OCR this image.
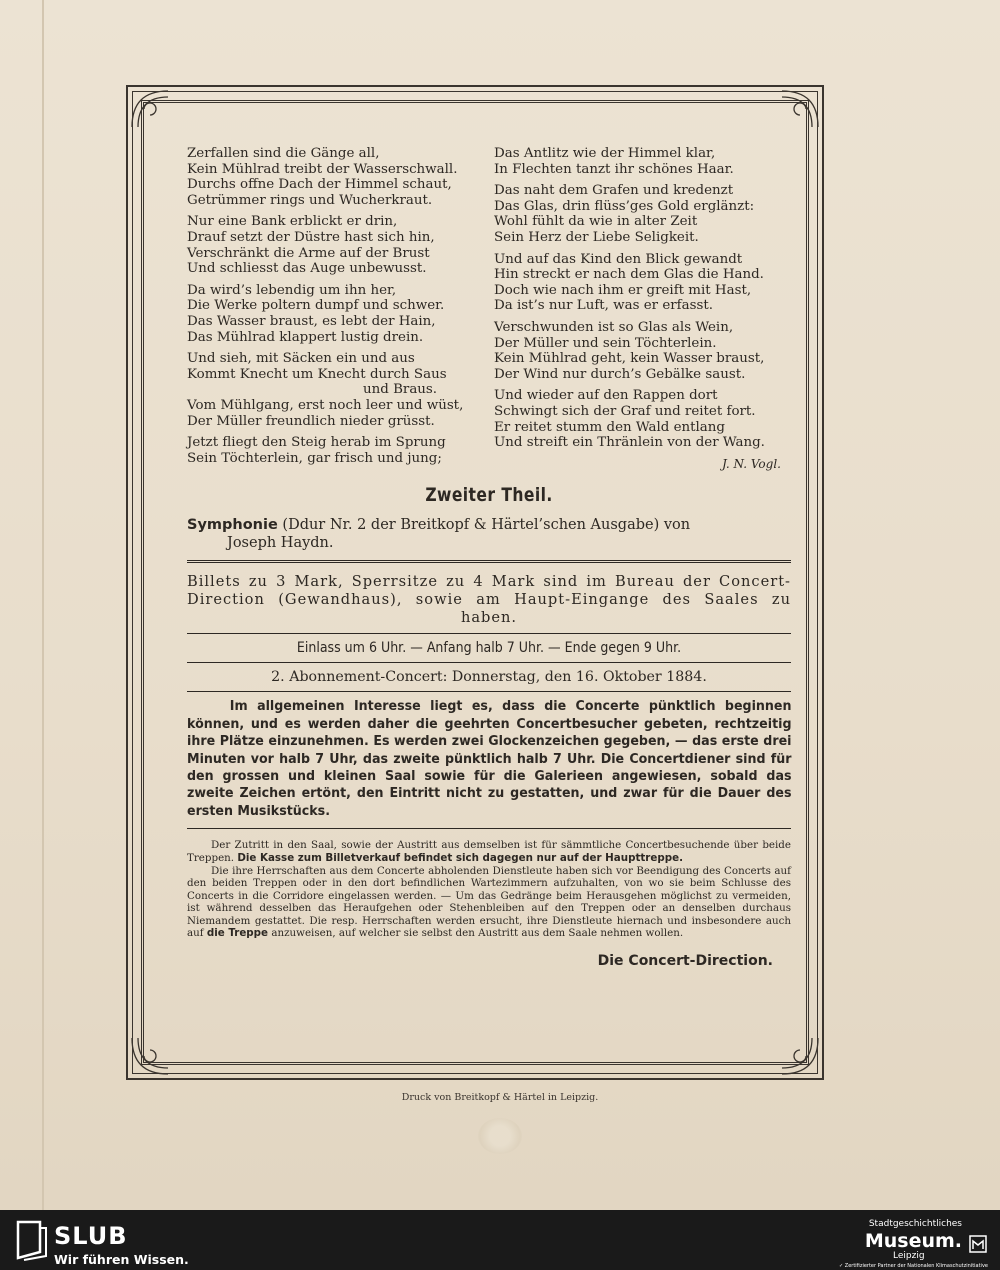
Zerfallen sind die Gänge all,
Kein Mühlrad treibt der Wasserschwall.
Durchs offne Dach der Himmel schaut,
Getrümmer rings und Wucherkraut.
Nur eine Bank erblickt er drin,
Drauf setzt der Düstre hast sich hin,
Verschränkt die Arme auf der Brust
Und schliesst das Auge unbewusst.
Da wird’s lebendig um ihn her,
Die Werke poltern dumpf und schwer.
Das Wasser braust, es lebt der Hain,
Das Mühlrad klappert lustig drein.
Und sieh, mit Säcken ein und aus
Kommt Knecht um Knecht durch Saus
und Braus.
Vom Mühlgang, erst noch leer und wüst,
Der Müller freundlich nieder grüsst.
Jetzt fliegt den Steig herab im Sprung
Sein Töchterlein, gar frisch und jung;
Das Antlitz wie der Himmel klar,
In Flechten tanzt ihr schönes Haar.
Das naht dem Grafen und kredenzt
Das Glas, drin flüss’ges Gold erglänzt:
Wohl fühlt da wie in alter Zeit
Sein Herz der Liebe Seligkeit.
Und auf das Kind den Blick gewandt
Hin streckt er nach dem Glas die Hand.
Doch wie nach ihm er greift mit Hast,
Da ist’s nur Luft, was er erfasst.
Verschwunden ist so Glas als Wein,
Der Müller und sein Töchterlein.
Kein Mühlrad geht, kein Wasser braust,
Der Wind nur durch’s Gebälke saust.
Und wieder auf den Rappen dort
Schwingt sich der Graf und reitet fort.
Er reitet stumm den Wald entlang
Und streift ein Thränlein von der Wang.
J. N. Vogl.
Zweiter Theil.
Symphonie (Ddur Nr. 2 der Breitkopf & Härtel’schen Ausgabe) von
Joseph Haydn.
Billets zu 3 Mark, Sperrsitze zu 4 Mark sind im Bureau der Concert-Direction (Gewandhaus), sowie am Haupt-Eingange des Saales zu haben.
Einlass um 6 Uhr. — Anfang halb 7 Uhr. — Ende gegen 9 Uhr.
2. Abonnement-Concert: Donnerstag, den 16. Oktober 1884.

Im allgemeinen Interesse liegt es, dass die Concerte pünktlich beginnen können, und es werden daher die geehrten Concertbesucher gebeten, rechtzeitig ihre Plätze einzunehmen. Es werden zwei Glockenzeichen gegeben, — das erste drei Minuten vor halb 7 Uhr, das zweite pünktlich halb 7 Uhr. Die Concertdiener sind für den grossen und kleinen Saal sowie für die Galerieen angewiesen, sobald das zweite Zeichen ertönt, den Eintritt nicht zu gestatten, und zwar für die Dauer des ersten Musikstücks.

Der Zutritt in den Saal, sowie der Austritt aus demselben ist für sämmtliche Concertbesuchende über beide Treppen. Die Kasse zum Billetverkauf befindet sich dagegen nur auf der Haupttreppe.

Die ihre Herrschaften aus dem Concerte abholenden Dienstleute haben sich vor Beendigung des Concerts auf den beiden Treppen oder in den dort befindlichen Wartezimmern aufzuhalten, von wo sie beim Schlusse des Concerts in die Corridore eingelassen werden. — Um das Gedränge beim Herausgehen möglichst zu vermeiden, ist während desselben das Heraufgehen oder Stehenbleiben auf den Treppen oder an denselben durchaus Niemandem gestattet. Die resp. Herrschaften werden ersucht, ihre Dienstleute hiernach und insbesondere auch auf die Treppe anzuweisen, auf welcher sie selbst den Austritt aus dem Saale nehmen wollen.

Die Concert-Direction.
Druck von Breitkopf & Härtel in Leipzig.
SLUB
Wir führen Wissen.
Stadtgeschichtliches
Museum.
Leipzig
✓ Zertifizierter Partner der Nationalen Klimaschutzinitiative
